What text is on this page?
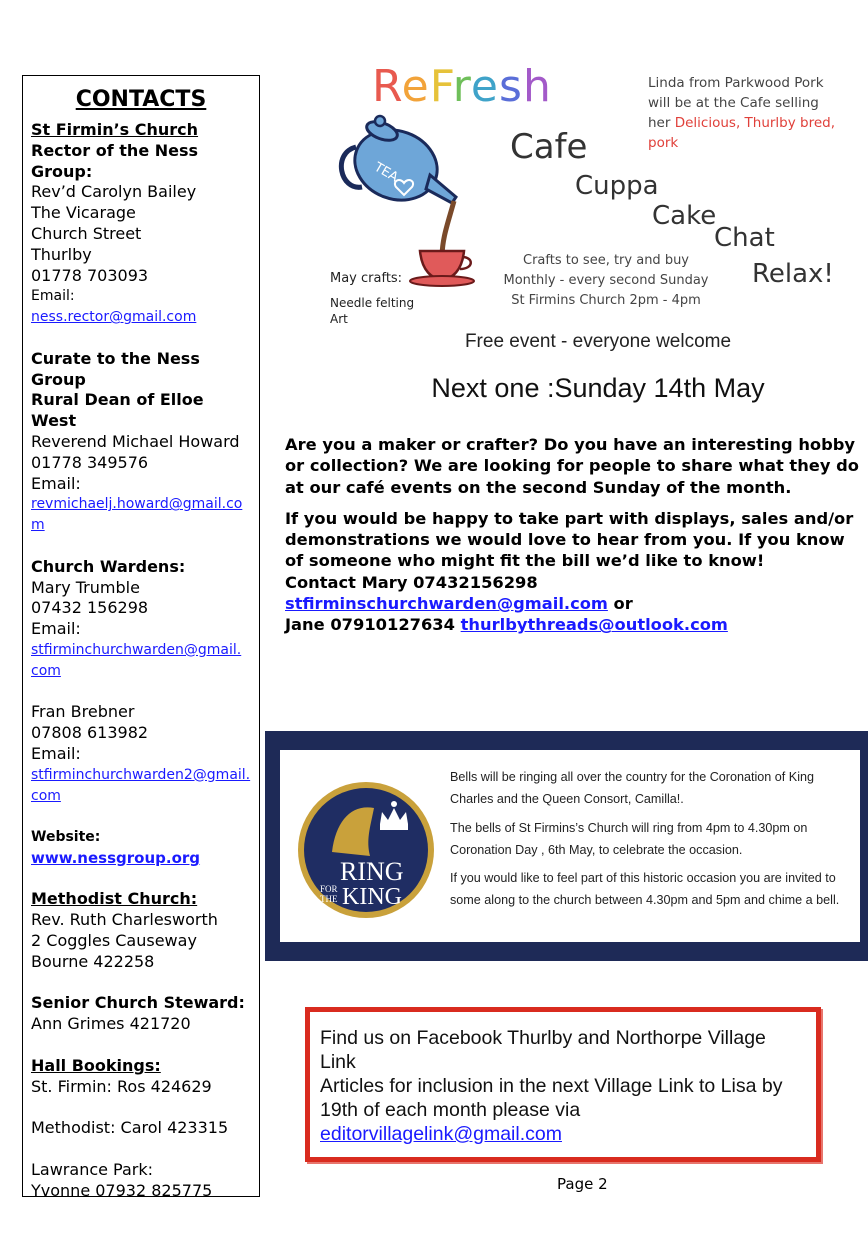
CONTACTS

St Firmin’s Church

Rector of the Ness Group:

Rev’d Carolyn Bailey

The Vicarage

Church Street

Thurlby

01778 703093

Email:

ness.rector@gmail.com

Curate to the Ness Group

Rural Dean of Elloe West

Reverend Michael Howard

01778 349576

Email:

revmichaelj.howard@gmail.com

Church Wardens:

Mary Trumble

07432 156298

Email:

stfirminchurchwarden@gmail. com

Fran Brebner

07808 613982

Email:

stfirminchurchwarden2@gmail.com

Website:

www.nessgroup.org

Methodist Church:

Rev. Ruth Charlesworth

2 Coggles Causeway

Bourne 422258

Senior Church Steward:

Ann Grimes 421720

Hall Bookings:

St. Firmin: Ros 424629

Methodist: Carol 423315

Lawrance Park:

Yvonne 07932 825775

ReFresh
Cafe
Cuppa
Cake
Chat
Relax!
Linda from Parkwood Pork
will be at the Cafe selling
her Delicious, Thurlby bred,
pork
TEA
Crafts to see, try and buy
Monthly - every second Sunday
St Firmins Church 2pm - 4pm
May crafts:
Needle felting
Art
Free event - everyone welcome
Next one :Sunday 14th May

Are you a maker or crafter? Do you have an interesting hobby or collection? We are looking for people to share what they do at our café events on the second Sunday of the month.

If you would be happy to take part with displays, sales and/or demonstrations we would love to hear from you. If you know of someone who might fit the bill we’d like to know!

Contact Mary 07432156298

stfirminschurchwarden@gmail.com or

Jane 07910127634 thurlbythreads@outlook.com

RING
FOR
THE KING

Bells will be ringing all over the country for the Coronation of King Charles and the Queen Consort, Camilla!.

The bells of St Firmins’s Church will ring from 4pm to 4.30pm on Coronation Day , 6th May, to celebrate the occasion.

If you would like to feel part of this historic occasion you are invited to some along to the church between 4.30pm and 5pm and chime a bell.

Find us on Facebook Thurlby and Northorpe Village Link

Articles for inclusion in the next Village Link to Lisa by 19th of each month please via

editorvillagelink@gmail.com

Page 2
